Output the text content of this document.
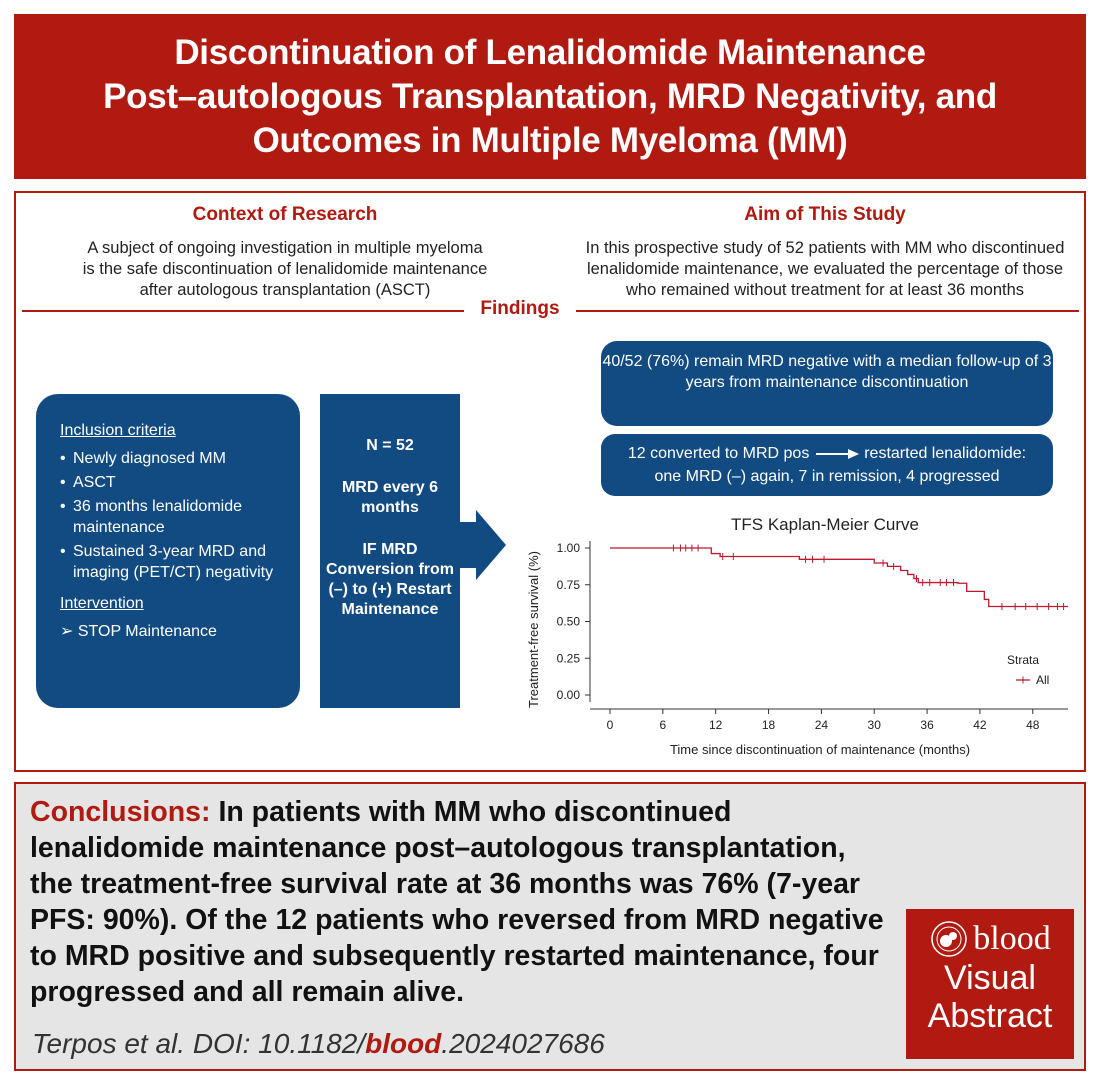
Discontinuation of Lenalidomide Maintenance
Post–autologous Transplantation, MRD Negativity, and
Outcomes in Multiple Myeloma (MM)
Context of Research
A subject of ongoing investigation in multiple myeloma
is the safe discontinuation of lenalidomide maintenance
after autologous transplantation (ASCT)
Aim of This Study
In this prospective study of 52 patients with MM who discontinued
lenalidomide maintenance, we evaluated the percentage of those
who remained without treatment for at least 36 months
Findings
Inclusion criteria
• Newly diagnosed MM
• ASCT
• 36 months lenalidomide maintenance
• Sustained 3-year MRD and imaging (PET/CT) negativity
Intervention
➢ STOP Maintenance
N = 52
MRD every 6 months
IF MRD Conversion from (–) to (+) Restart Maintenance
40/52 (76%) remain MRD negative with a median follow-up of 3 years from maintenance discontinuation
12 converted to MRD pos	restarted lenalidomide:
one MRD (–) again, 7 in remission, 4 progressed
TFS Kaplan-Meier Curve
Treatment-free survival (%)
Time since discontinuation of maintenance (months)
0	6	12	18	24	30	36	42	48
0.00
0.25
0.50
0.75
1.00
Strata
All
Conclusions: In patients with MM who discontinued lenalidomide maintenance post–autologous transplantation, the treatment-free survival rate at 36 months was 76% (7-year PFS: 90%). Of the 12 patients who reversed from MRD negative to MRD positive and subsequently restarted maintenance, four progressed and all remain alive.
Terpos et al. DOI: 10.1182/blood.2024027686
blood
Visual
Abstract
